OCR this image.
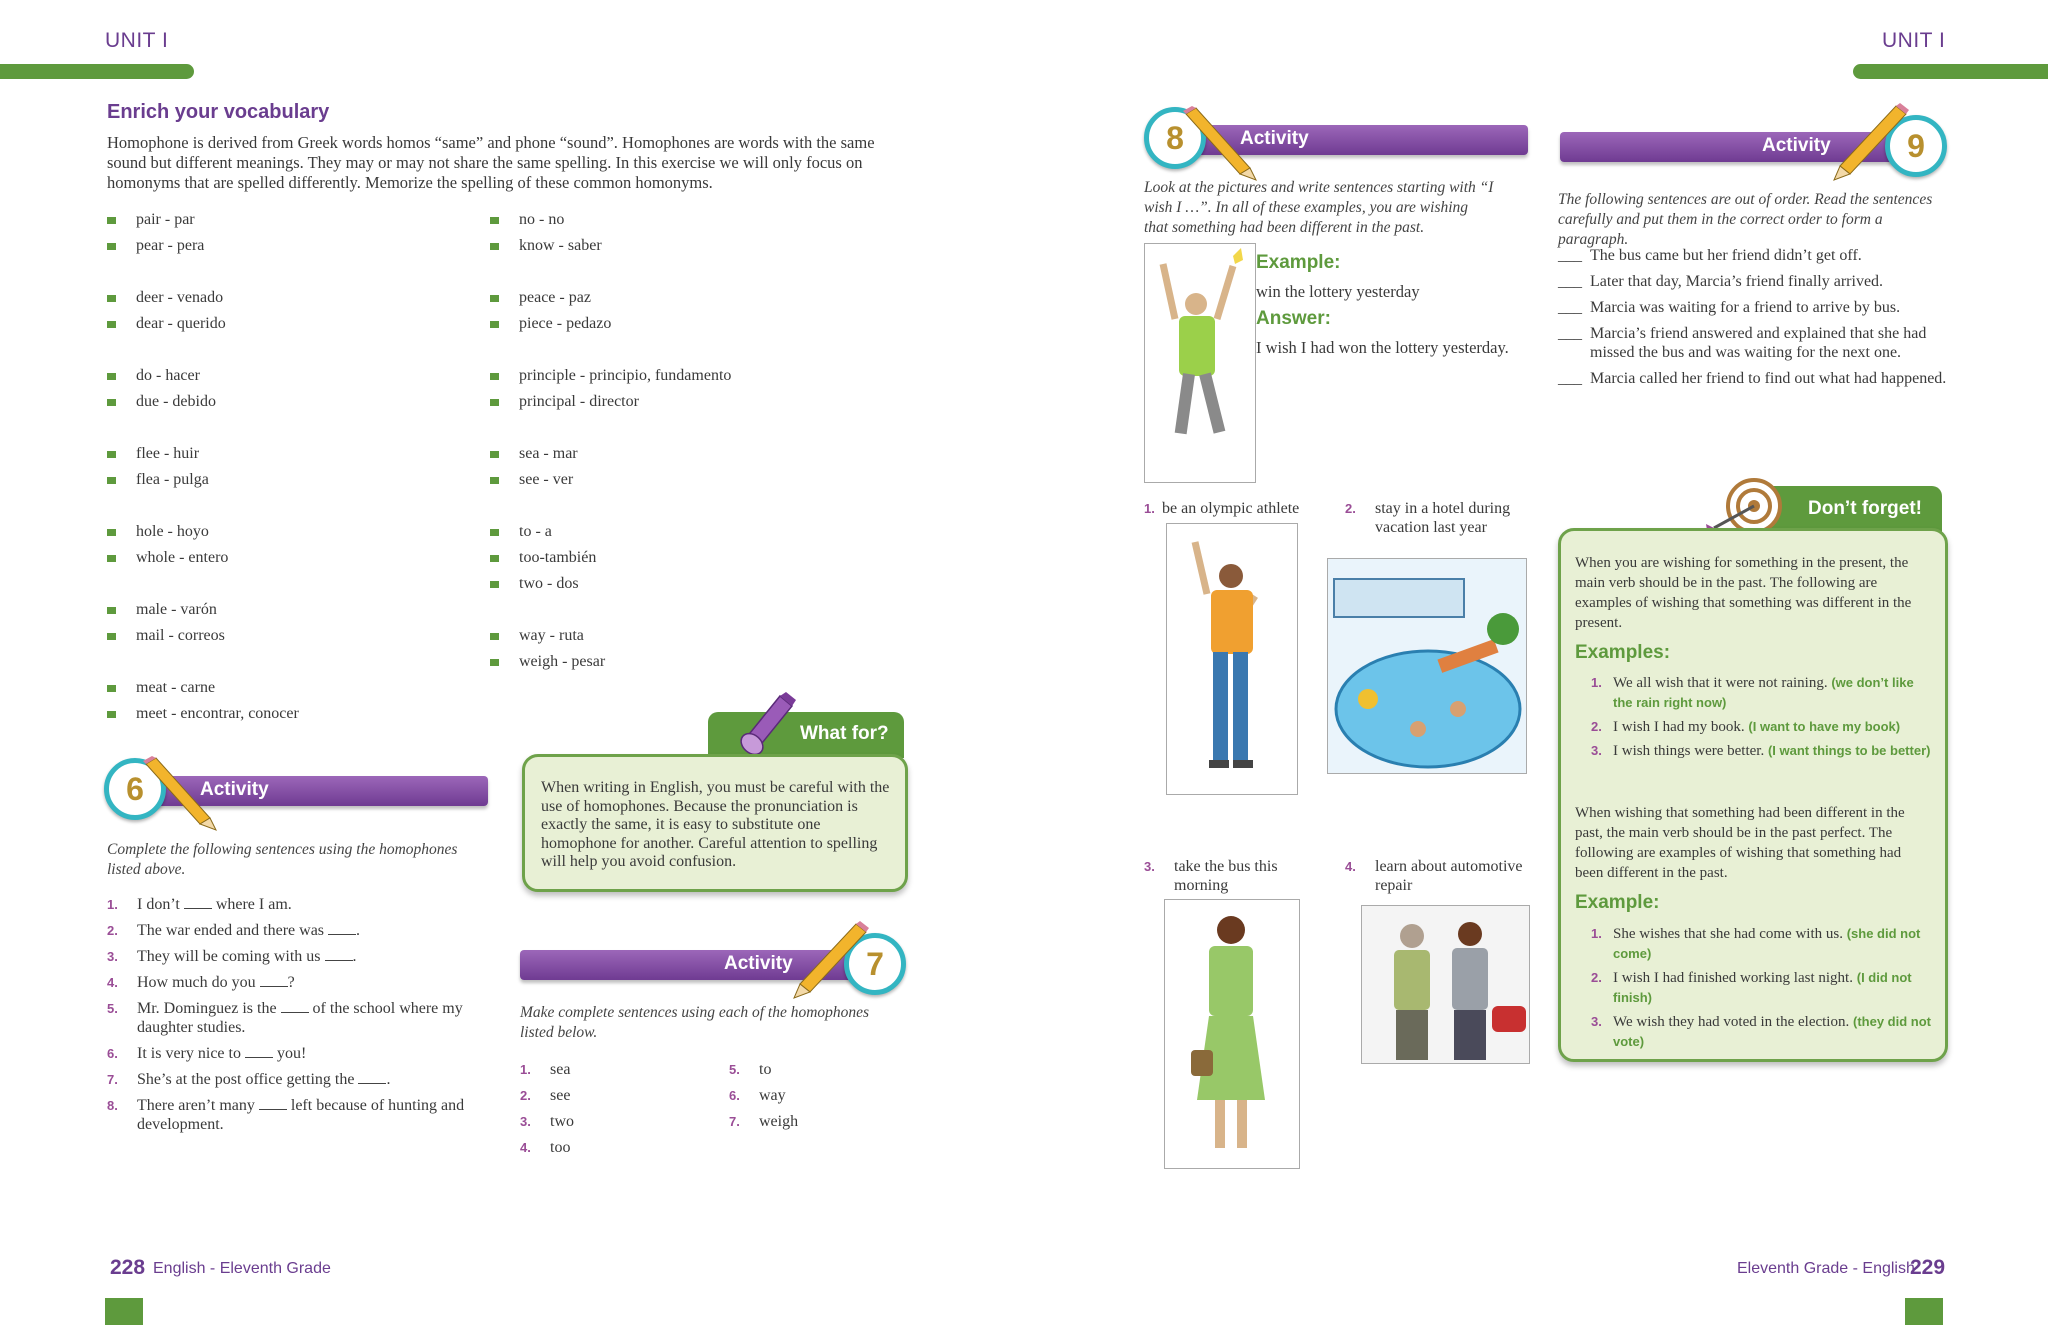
UNIT I
Enrich your vocabulary
Homophone is derived from Greek words homos “same” and phone “sound”. Homophones are words with the same sound but different meanings. They may or may not share the same spelling. In this exercise we will only focus on homonyms that are spelled differently. Memorize the spelling of these common homonyms.
pair - par
pear - pera
deer - venado
dear - querido
do - hacer
due - debido
flee - huir
flea - pulga
hole - hoyo
whole - entero
male - varón
mail - correos
meat - carne
meet - encontrar, conocer
no - no
know - saber
peace - paz
piece - pedazo
principle - principio, fundamento
principal - director
sea - mar
see - ver
to - a
too-también
two - dos
way - ruta
weigh - pesar
Activity
6
Complete the following sentences using the homophones listed above.
1.	I don’t where I am.
2.	The war ended and there was .
3.	They will be coming with us .
4.	How much do you ?
5.	Mr. Dominguez is the of the school where my daughter studies.
6.	It is very nice to you!
7.	She’s at the post office getting the .
8.	There aren’t many left because of hunting and development.
What for?
When writing in English, you must be careful with the use of homophones. Because the pronunciation is exactly the same, it is easy to substitute one homophone for another. Careful attention to spelling will help you avoid confusion.
Activity 7
Make complete sentences using each of the homophones listed below.
1.	sea
2.	see
3.	two
4.	too
5.	to
6.	way
7.	weigh
228 English - Eleventh Grade
UNIT I
Activity
8
Look at the pictures and write sentences starting with “I wish I …”. In all of these examples, you are wishing that something had been different in the past.
Example:
win the lottery yesterday
Answer:
I wish I had won the lottery yesterday.
1. be an olympic athlete	2.	stay in a hotel during vacation last year
3.	take the bus this morning
4.	learn about automotive repair
Activity 9
The following sentences are out of order. Read the sentences carefully and put them in the correct order to form a paragraph.
___ The bus came but her friend didn’t get off.
___ Later that day, Marcia’s friend finally arrived.
___ Marcia was waiting for a friend to arrive by bus.
___ Marcia’s friend answered and explained that she had missed the bus and was waiting for the next one.
___ Marcia called her friend to find out what had happened.
Don’t forget!
When you are wishing for something in the present, the main verb should be in the past. The following are examples of wishing that something was different in the present.
Examples:
1. We all wish that it were not raining. (we don’t like the rain right now)
2. I wish I had my book. (I want to have my book)
3. I wish things were better. (I want things to be better)
When wishing that something had been different in the past, the main verb should be in the past perfect. The following are examples of wishing that something had been different in the past.
Example:
1. She wishes that she had come with us. (she did not come)
2. I wish I had finished working last night. (I did not finish)
3. We wish they had voted in the election. (they did not vote)
Eleventh Grade - English
229
